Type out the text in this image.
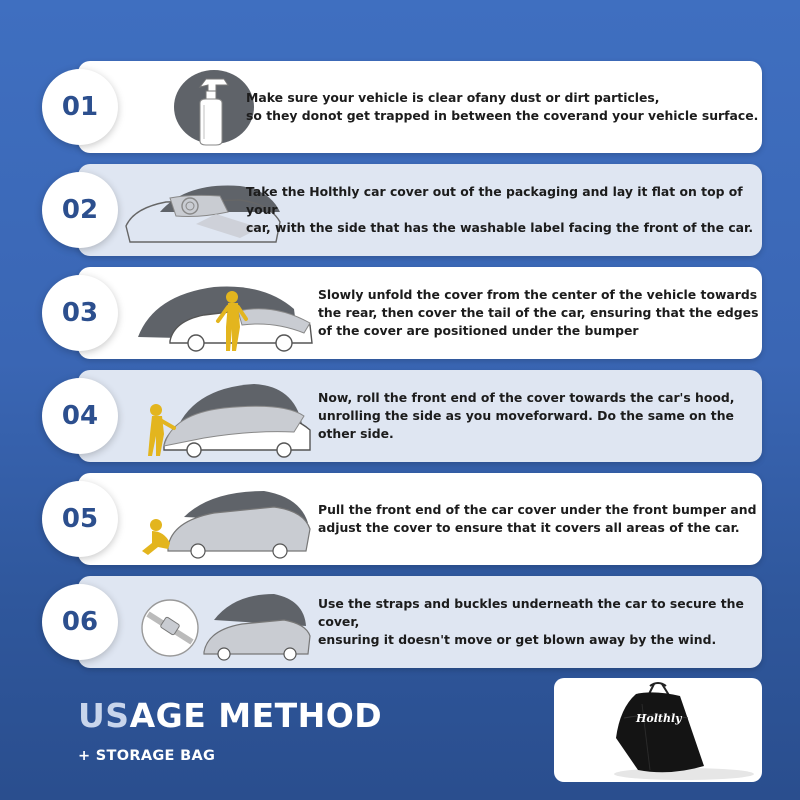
Make sure your vehicle is clear ofany dust or dirt particles,
so they donot get trapped in between the coverand your vehicle surface.
01
Take the Holthly car cover out of the packaging and lay it flat on top of your
car, with the side that has the washable label facing the front of the car.
02
Slowly unfold the cover from the center of the vehicle towards
the rear, then cover the tail of the car, ensuring that the edges
of the cover are positioned under the bumper
03
Now, roll the front end of the cover towards the car's hood,
unrolling the side as you moveforward. Do the same on the
other side.
04
Pull the front end of the car cover under the front bumper and
adjust the cover to ensure that it covers all areas of the car.
05
Use the straps and buckles underneath the car to secure the cover,
ensuring it doesn't move or get blown away by the wind.
06
USAGE METHOD
+ STORAGE BAG
Holthly
